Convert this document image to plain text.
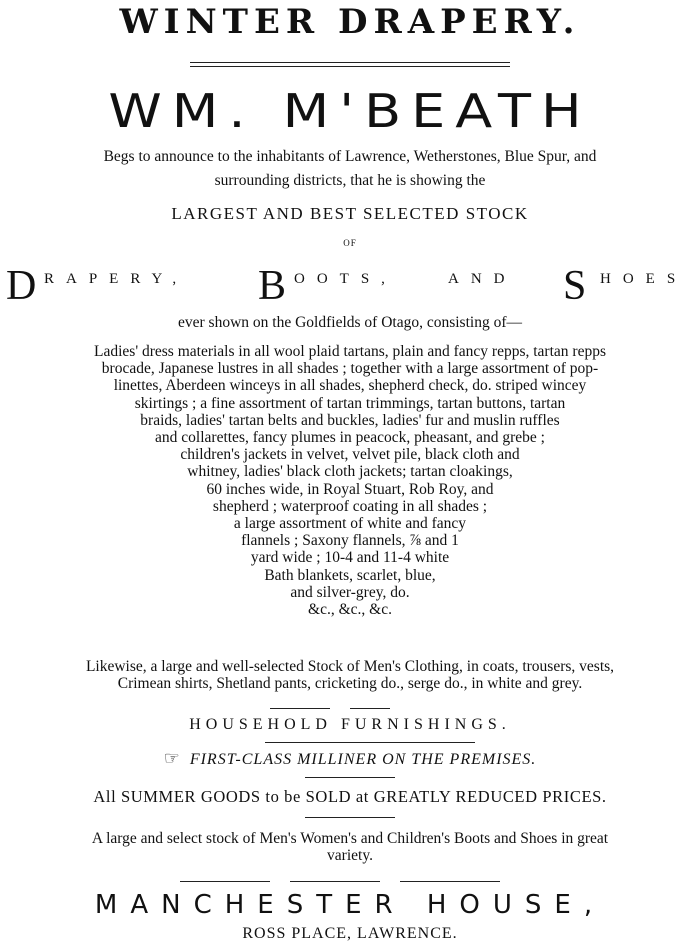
WINTER DRAPERY.
WM. M'BEATH
Begs to announce to the inhabitants of Lawrence, Wetherstones, Blue Spur, and
surrounding districts, that he is showing the
LARGEST AND BEST SELECTED STOCK
OF
D RAPERY, B OOTS,	AND S HOES
ever shown on the Goldfields of Otago, consisting of—
Ladies' dress materials in all wool plaid tartans, plain and fancy repps, tartan repps
brocade, Japanese lustres in all shades ; together with a large assortment of pop-
linettes, Aberdeen winceys in all shades, shepherd check, do. striped wincey
skirtings ; a fine assortment of tartan trimmings, tartan buttons, tartan
braids, ladies' tartan belts and buckles, ladies' fur and muslin ruffles
and collarettes, fancy plumes in peacock, pheasant, and grebe ;
children's jackets in velvet, velvet pile, black cloth and
whitney, ladies' black cloth jackets; tartan cloakings,
60 inches wide, in Royal Stuart, Rob Roy, and
shepherd ; waterproof coating in all shades ;
a large assortment of white and fancy
flannels ; Saxony flannels, ⅞ and 1
yard wide ; 10-4 and 11-4 white
Bath blankets, scarlet, blue,
and silver-grey, do.
&c., &c., &c.
Likewise, a large and well-selected Stock of Men's Clothing, in coats, trousers, vests,
Crimean shirts, Shetland pants, cricketing do., serge do., in white and grey.
HOUSEHOLD FURNISHINGS.
☞ FIRST-CLASS MILLINER ON THE PREMISES.
All SUMMER GOODS to be SOLD at GREATLY REDUCED PRICES.
A large and select stock of Men's Women's and Children's Boots and Shoes in great
variety.
MANCHESTER HOUSE,
ROSS PLACE, LAWRENCE.
